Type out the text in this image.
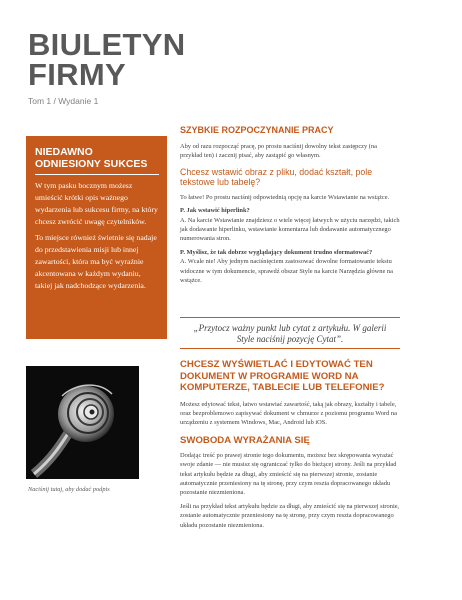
BIULETYN
FIRMY
Tom 1 / Wydanie 1
NIEDAWNO ODNIESIONY SUKCES

W tym pasku bocznym możesz umieścić krótki opis ważnego wydarzenia lub sukcesu firmy, na który chcesz zwrócić uwagę czytelników.

To miejsce również świetnie się nadaje do przedstawienia misji lub innej zawartości, która ma być wyraźnie akcentowana w każdym wydaniu, takiej jak nadchodzące wydarzenia.

Naciśnij tutaj, aby dodać podpis
SZYBKIE ROZPOCZYNANIE PRACY

Aby od razu rozpocząć pracę, po prostu naciśnij dowolny tekst zastępczy (na przykład ten) i zacznij pisać, aby zastąpić go własnym.

Chcesz wstawić obraz z pliku, dodać kształt, pole tekstowe lub tabelę?

To łatwe! Po prostu naciśnij odpowiednią opcję na karcie Wstawianie na wstążce.

P. Jak wstawić hiperlink?
A. Na karcie Wstawianie znajdziesz o wiele więcej łatwych w użyciu narzędzi, takich jak dodawanie hiperlinku, wstawianie komentarza lub dodawanie automatycznego numerowania stron.

P. Myślisz, że tak dobrze wyglądający dokument trudno sformatować?
A. Wcale nie! Aby jednym naciśnięciem zastosować dowolne formatowanie tekstu widoczne w tym dokumencie, sprawdź obszar Style na karcie Narzędzia główne na wstążce.

„Przytocz ważny punkt lub cytat z artykułu. W galerii Style naciśnij pozycję Cytat”.

CHCESZ WYŚWIETLAĆ I EDYTOWAĆ TEN DOKUMENT W PROGRAMIE WORD NA KOMPUTERZE, TABLECIE LUB TELEFONIE?

Możesz edytować tekst, łatwo wstawiać zawartość, taką jak obrazy, kształty i tabele, oraz bezproblemowo zapisywać dokument w chmurze z poziomu programu Word na urządzeniu z systemem Windows, Mac, Android lub iOS.

SWOBODA WYRAŻANIA SIĘ

Dodając treść po prawej stronie tego dokumentu, możesz bez skrępowania wyrażać swoje zdanie — nie musisz się ograniczać tylko do bieżącej strony. Jeśli na przykład tekst artykułu będzie za długi, aby zmieścić się na pierwszej stronie, zostanie automatycznie przeniesiony na tę stronę, przy czym reszta dopracowanego układu pozostanie niezmieniona.

Jeśli na przykład tekst artykułu będzie za długi, aby zmieścić się na pierwszej stronie, zostanie automatycznie przeniesiony na tę stronę, przy czym reszta dopracowanego układu pozostanie niezmieniona.
